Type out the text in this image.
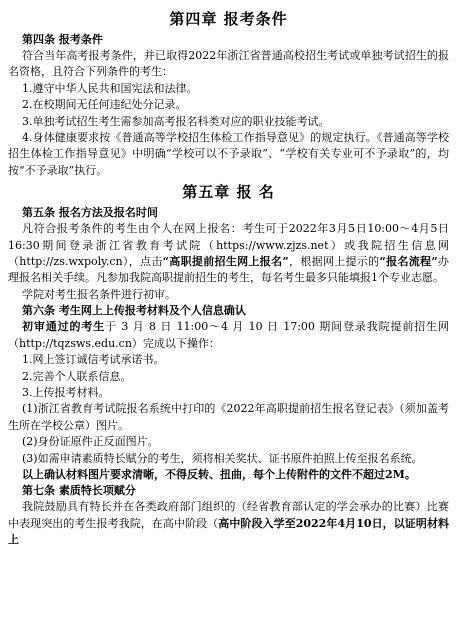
第四章 报考条件
第四条 报考条件

符合当年高考报考条件，并已取得2022年浙江省普通高校招生考试或单独考试招生的报名资格，且符合下列条件的考生：

1.遵守中华人民共和国宪法和法律。

2.在校期间无任何违纪处分记录。

3.单独考试招生考生需参加高考报名科类对应的职业技能考试。

4.身体健康要求按《普通高等学校招生体检工作指导意见》的规定执行。《普通高等学校招生体检工作指导意见》中明确“学校可以不予录取”、“学校有关专业可不予录取”的，均按“不予录取”执行。

第五章 报 名
第五条 报名方法及报名时间

凡符合报考条件的考生由个人在网上报名：考生可于2022年3月5日10:00～4月5日16:30期间登录浙江省教育考试院（https://www.zjzs.net）或我院招生信息网（http://zs.wxpoly.cn），点击“高职提前招生网上报名”，根据网上提示的“报名流程”办理报名相关手续。凡参加我院高职提前招生的考生，每名考生最多只能填报1个专业志愿。

学院对考生报名条件进行初审。

第六条 考生网上上传报考材料及个人信息确认

初审通过的考生于 3 月 8 日 11:00～4 月 10 日 17:00 期间登录我院提前招生网（http://tqzsws.edu.cn）完成以下操作：

1.网上签订诚信考试承诺书。

2.完善个人联系信息。

3.上传报考材料。

(1)浙江省教育考试院报名系统中打印的《2022年高职提前招生报名登记表》（须加盖考生所在学校公章）图片。

(2)身份证原件正反面图片。

(3)如需申请素质特长赋分的考生，须将相关奖状、证书原件拍照上传至报名系统。

以上确认材料图片要求清晰，不得反转、扭曲，每个上传附件的文件不超过2M。

第七条 素质特长项赋分

我院鼓励具有特长并在各类政府部门组织的（经省教育部认定的学会承办的比赛）比赛中表现突出的考生报考我院，在高中阶段（高中阶段入学至2022年4月10日，以证明材料上
